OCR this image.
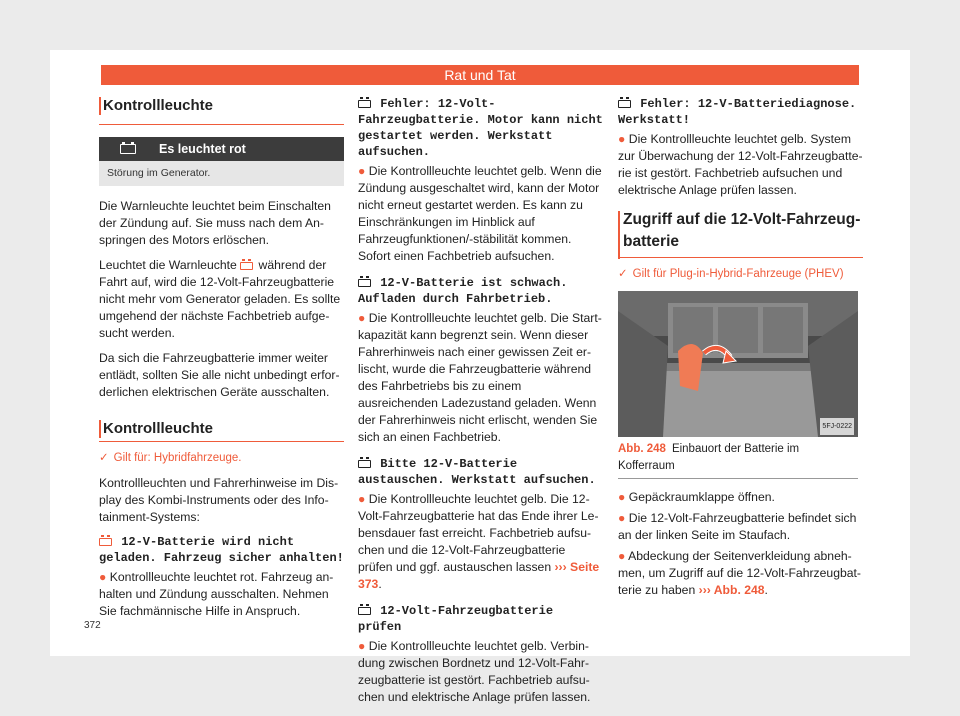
Rat und Tat
Kontrollleuchte
Es leuchtet rot
Störung im Generator.

Die Warnleuchte leuchtet beim Einschalten der Zündung auf. Sie muss nach dem Anspringen des Motors erlöschen.

Leuchtet die Warnleuchte während der Fahrt auf, wird die 12-Volt-Fahrzeugbatterie nicht mehr vom Generator geladen. Es sollte umgehend der nächste Fachbetrieb aufgesucht werden.

Da sich die Fahrzeugbatterie immer weiter entlädt, sollten Sie alle nicht unbedingt erforderlichen elektrischen Geräte ausschalten.

Kontrollleuchte

✓ Gilt für: Hybridfahrzeuge.

Kontrollleuchten und Fahrerhinweise im Display des Kombi-Instruments oder des Infotainment-Systems:

12-V-Batterie wird nicht geladen. Fahrzeug sicher anhalten!

● Kontrollleuchte leuchtet rot. Fahrzeug anhalten und Zündung ausschalten. Nehmen Sie fachmännische Hilfe in Anspruch.

Fehler: 12-Volt-Fahrzeugbatterie. Motor kann nicht gestartet werden. Werkstatt aufsuchen.

● Die Kontrollleuchte leuchtet gelb. Wenn die Zündung ausgeschaltet wird, kann der Motor nicht erneut gestartet werden. Es kann zu Einschränkungen im Hinblick auf Fahrzeugfunktionen/-stäbilität kommen. Sofort einen Fachbetrieb aufsuchen.

12-V-Batterie ist schwach. Aufladen durch Fahrbetrieb.

● Die Kontrollleuchte leuchtet gelb. Die Startkapazität kann begrenzt sein. Wenn dieser Fahrerhinweis nach einer gewissen Zeit erlischt, wurde die Fahrzeugbatterie während des Fahrbetriebs bis zu einem ausreichenden Ladezustand geladen. Wenn der Fahrerhinweis nicht erlischt, wenden Sie sich an einen Fachbetrieb.

Bitte 12-V-Batterie austauschen. Werkstatt aufsuchen.

● Die Kontrollleuchte leuchtet gelb. Die 12-Volt-Fahrzeugbatterie hat das Ende ihrer Lebensdauer fast erreicht. Fachbetrieb aufsuchen und die 12-Volt-Fahrzeugbatterie prüfen und ggf. austauschen lassen ››› Seite 373.

12-Volt-Fahrzeugbatterie prüfen

● Die Kontrollleuchte leuchtet gelb. Verbindung zwischen Bordnetz und 12-Volt-Fahrzeugbatterie ist gestört. Fachbetrieb aufsuchen und elektrische Anlage prüfen lassen.

Fehler: 12-V-Batteriediagnose. Werkstatt!

● Die Kontrollleuchte leuchtet gelb. System zur Überwachung der 12-Volt-Fahrzeugbatterie ist gestört. Fachbetrieb aufsuchen und elektrische Anlage prüfen lassen.

Zugriff auf die 12-Volt-Fahrzeugbatterie

✓ Gilt für Plug-in-Hybrid-Fahrzeuge (PHEV)

5FJ-0222
Abb. 248 Einbauort der Batterie im Kofferraum

● Gepäckraumklappe öffnen.

● Die 12-Volt-Fahrzeugbatterie befindet sich an der linken Seite im Staufach.

● Abdeckung der Seitenverkleidung abnehmen, um Zugriff auf die 12-Volt-Fahrzeugbatterie zu haben ››› Abb. 248.

372
